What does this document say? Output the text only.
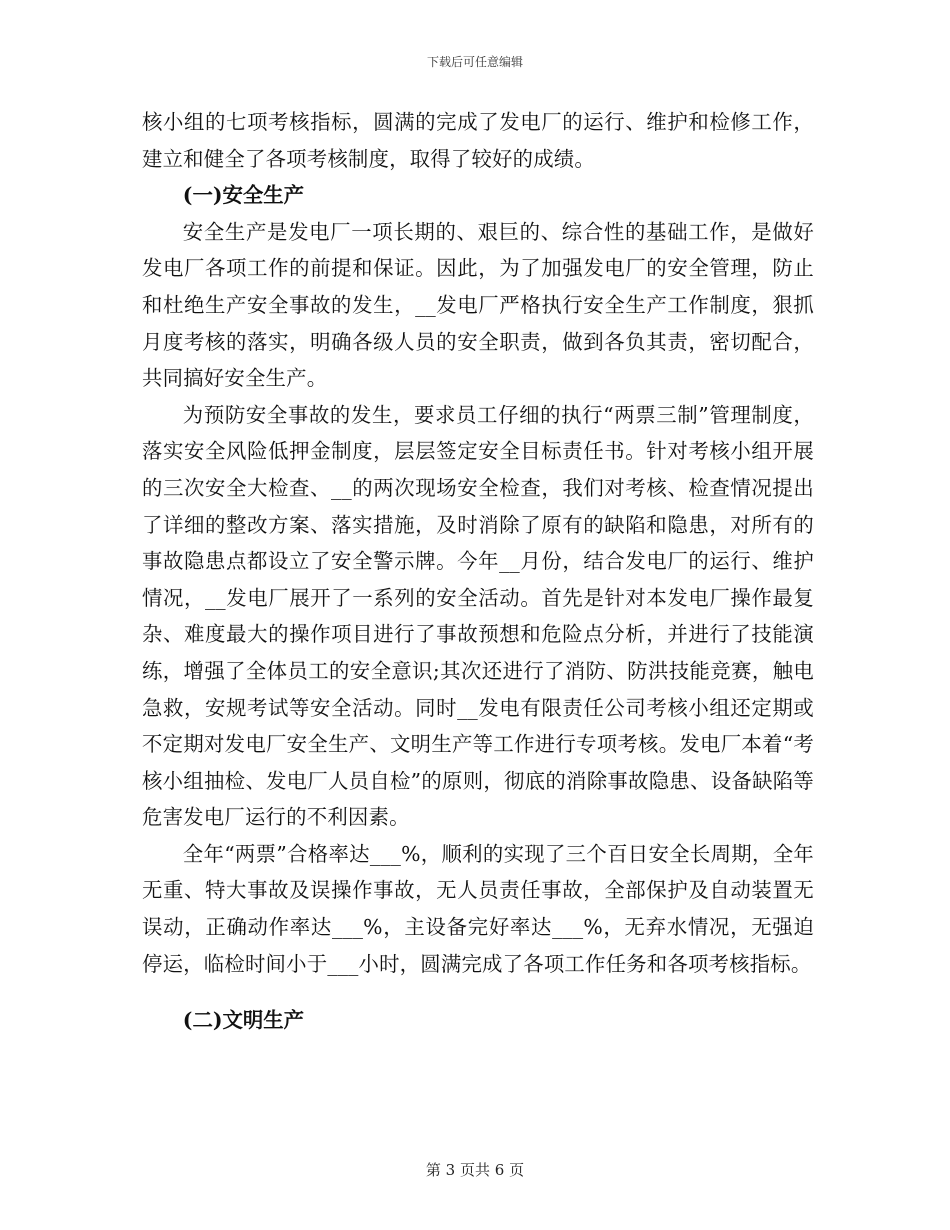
下载后可任意编辑

核小组的七项考核指标，圆满的完成了发电厂的运行、维护和检修工作，建立和健全了各项考核制度，取得了较好的成绩。

(一)安全生产

安全生产是发电厂一项长期的、艰巨的、综合性的基础工作，是做好发电厂各项工作的前提和保证。因此，为了加强发电厂的安全管理，防止和杜绝生产安全事故的发生，__发电厂严格执行安全生产工作制度，狠抓月度考核的落实，明确各级人员的安全职责，做到各负其责，密切配合，共同搞好安全生产。

为预防安全事故的发生，要求员工仔细的执行“两票三制”管理制度，落实安全风险低押金制度，层层签定安全目标责任书。针对考核小组开展的三次安全大检查、__的两次现场安全检查，我们对考核、检查情况提出了详细的整改方案、落实措施，及时消除了原有的缺陷和隐患，对所有的事故隐患点都设立了安全警示牌。今年__月份，结合发电厂的运行、维护情况，__发电厂展开了一系列的安全活动。首先是针对本发电厂操作最复杂、难度最大的操作项目进行了事故预想和危险点分析，并进行了技能演练，增强了全体员工的安全意识;其次还进行了消防、防洪技能竞赛，触电急救，安规考试等安全活动。同时__发电有限责任公司考核小组还定期或不定期对发电厂安全生产、文明生产等工作进行专项考核。发电厂本着“考核小组抽检、发电厂人员自检”的原则，彻底的消除事故隐患、设备缺陷等危害发电厂运行的不利因素。

全年“两票”合格率达___%，顺利的实现了三个百日安全长周期，全年无重、特大事故及误操作事故，无人员责任事故，全部保护及自动装置无误动，正确动作率达___%，主设备完好率达___%，无弃水情况，无强迫停运，临检时间小于___小时，圆满完成了各项工作任务和各项考核指标。

(二)文明生产

第 3 页共 6 页
